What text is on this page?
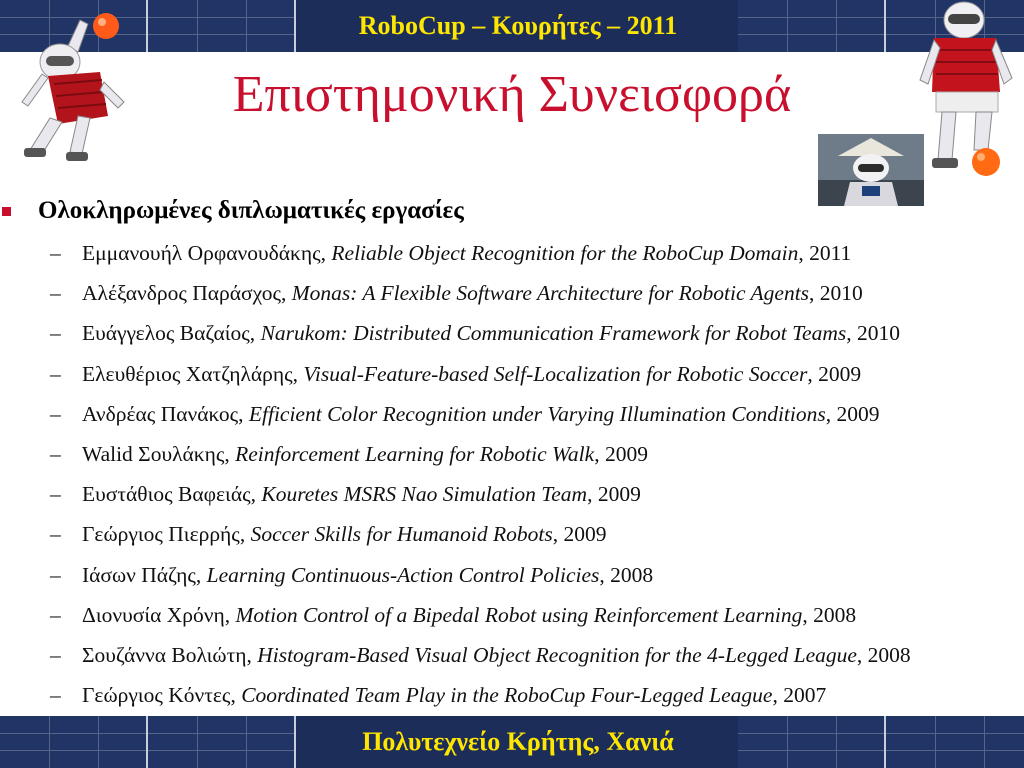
RoboCup – Κουρήτες – 2011
Επιστημονική Συνεισφορά
Ολοκληρωμένες διπλωματικές εργασίες
– Εμμανουήλ Ορφανουδάκης, Reliable Object Recognition for the RoboCup Domain, 2011
– Αλέξανδρος Παράσχος, Monas: A Flexible Software Architecture for Robotic Agents, 2010
– Ευάγγελος Βαζαίος, Narukom: Distributed Communication Framework for Robot Teams, 2010
– Ελευθέριος Χατζηλάρης, Visual-Feature-based Self-Localization for Robotic Soccer, 2009
– Ανδρέας Πανάκος, Efficient Color Recognition under Varying Illumination Conditions, 2009
– Walid Σουλάκης, Reinforcement Learning for Robotic Walk, 2009
– Ευστάθιος Βαφειάς, Kouretes MSRS Nao Simulation Team, 2009
– Γεώργιος Πιερρής, Soccer Skills for Humanoid Robots, 2009
– Ιάσων Πάζης, Learning Continuous-Action Control Policies, 2008
– Διονυσία Χρόνη, Motion Control of a Bipedal Robot using Reinforcement Learning, 2008
– Σουζάννα Βολιώτη, Histogram-Based Visual Object Recognition for the 4-Legged League, 2008
– Γεώργιος Κόντες, Coordinated Team Play in the RoboCup Four-Legged League, 2007
Πολυτεχνείο Κρήτης, Χανιά
